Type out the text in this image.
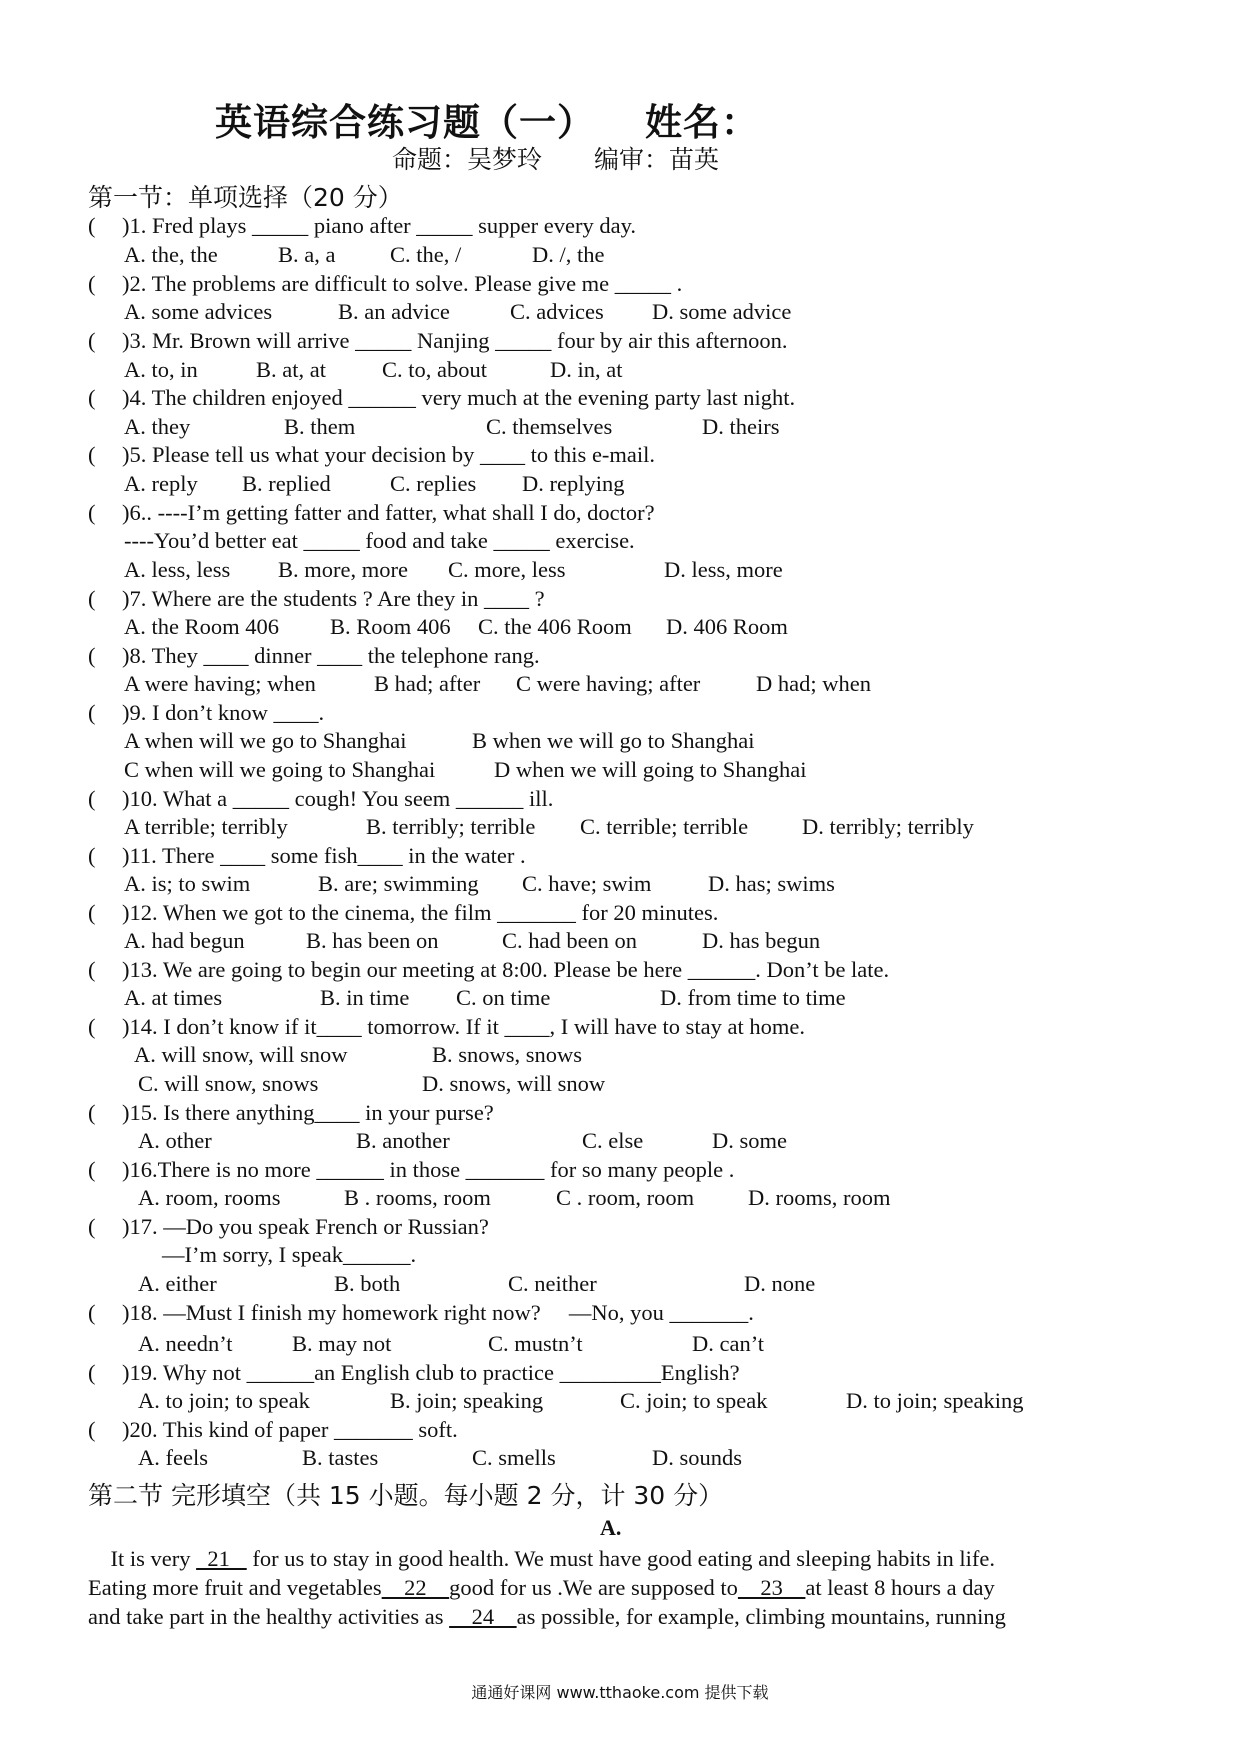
英语综合练习题（一） 姓名：
命题：吴梦玲 编审：苗英
第一节：单项选择（20 分）
( )1. Fred plays _____ piano after _____ supper every day.
A. the, the	B. a, a C. the, /	D. /, the
( )2. The problems are difficult to solve. Please give me _____ .
A. some advices	B. an advice	C. advices D. some advice
( )3. Mr. Brown will arrive _____ Nanjing _____ four by air this afternoon.
A. to, in	B. at, at C. to, about	D. in, at
( )4. The children enjoyed ______ very much at the evening party last night.
A. they	B. them	C. themselves	D. theirs
( )5. Please tell us what your decision by ____ to this e-mail.
A. reply B. replied	C. replies D. replying
( )6.. ----I’m getting fatter and fatter, what shall I do, doctor?
----You’d better eat _____ food and take _____ exercise.
A. less, less B. more, more C. more, less	D. less, more
( )7. Where are the students ? Are they in ____ ?
A. the Room 406 B. Room 406 C. the 406 Room D. 406 Room
( )8. They ____ dinner ____ the telephone rang.
A were having; when	B had; after C were having; after D had; when
( )9. I don’t know ____.
A when will we go to Shanghai	B when we will go to Shanghai
C when will we going to Shanghai	D when we will going to Shanghai
( )10. What a _____ cough! You seem ______ ill.
A terrible; terribly	B. terribly; terrible C. terrible; terrible D. terribly; terribly
( )11. There ____ some fish____ in the water .
A. is; to swim	B. are; swimming C. have; swim	D. has; swims
( )12. When we got to the cinema, the film _______ for 20 minutes.
A. had begun	B. has been on	C. had been on	D. has begun
( )13. We are going to begin our meeting at 8:00. Please be here ______. Don’t be late.
A. at times	B. in time C. on time	D. from time to time
( )14. I don’t know if it____ tomorrow. If it ____, I will have to stay at home.
A. will snow, will snow	B. snows, snows
C. will snow, snows	D. snows, will snow
( )15. Is there anything____ in your purse?
A. other	B. another	C. else	D. some
( )16.There is no more ______ in those _______ for so many people .
A. room, rooms	B . rooms, room	C . room, room D. rooms, room
( )17. —Do you speak French or Russian?
—I’m sorry, I speak______.
A. either	B. both	C. neither	D. none
( )18. —Must I finish my homework right now?     —No, you _______.
A. needn’t	B. may not	C. mustn’t	D. can’t
( )19. Why not ______an English club to practice _________English?
A. to join; to speak	B. join; speaking	C. join; to speak	D. to join; speaking
( )20. This kind of paper _______ soft.
A. feels	B. tastes	C. smells	D. sounds
第二节 完形填空（共 15 小题。每小题 2 分，计 30 分）
A.
It is very   21    for us to stay in good health. We must have good eating and sleeping habits in life.
Eating more fruit and vegetables    22    good for us .We are supposed to    23    at least 8 hours a day
and take part in the healthy activities as     24    as possible, for example, climbing mountains, running
通通好课网 www.tthaoke.com 提供下载
